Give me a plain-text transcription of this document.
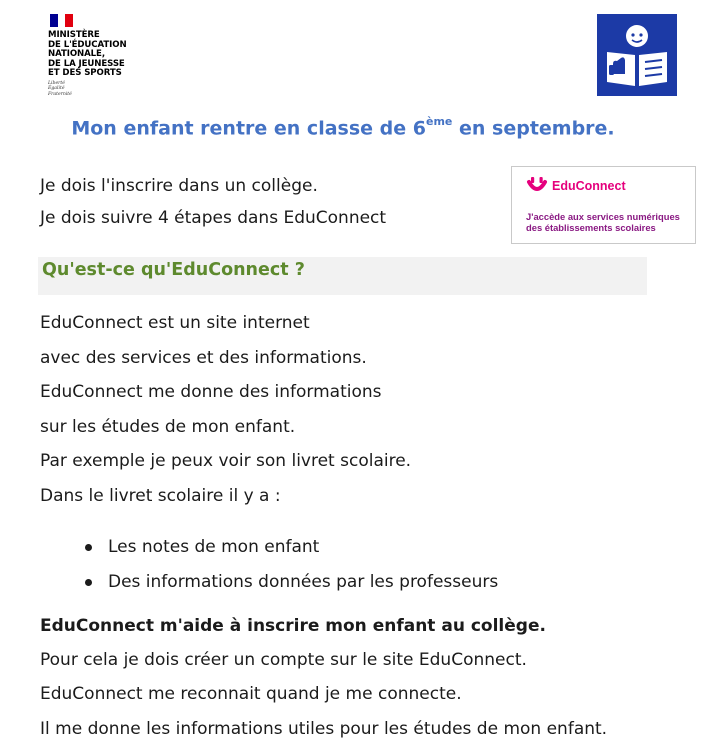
MINISTÈRE
DE L'ÉDUCATION
NATIONALE,
DE LA JEUNESSE
ET DES SPORTS
Liberté
Égalité
Fraternité
Mon enfant rentre en classe de 6ème en septembre.
Je dois l'inscrire dans un collège.
Je dois suivre 4 étapes dans EduConnect
EduConnect
J'accède aux services numériques
des établissements scolaires
Qu'est-ce qu'EduConnect ?
EduConnect est un site internet
avec des services et des informations.
EduConnect me donne des informations
sur les études de mon enfant.
Par exemple je peux voir son livret scolaire.
Dans le livret scolaire il y a :
Les notes de mon enfant
Des informations données par les professeurs
EduConnect m'aide à inscrire mon enfant au collège.
Pour cela je dois créer un compte sur le site EduConnect.
EduConnect me reconnait quand je me connecte.
Il me donne les informations utiles pour les études de mon enfant.
